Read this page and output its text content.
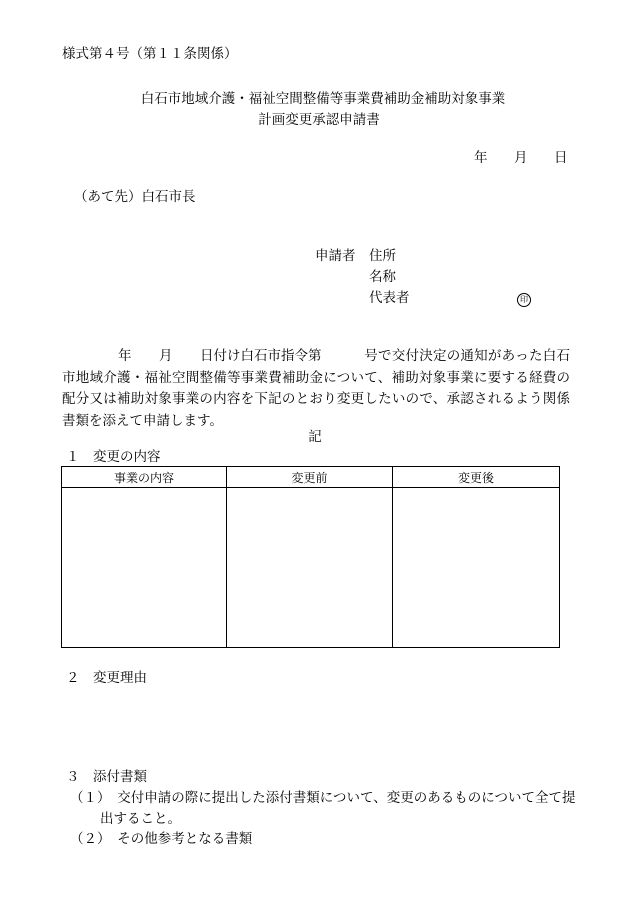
様式第４号（第１１条関係）
白石市地域介護・福祉空間整備等事業費補助金補助対象事業
計画変更承認申請書
年 月 日
（あて先）白石市長
申請者 住所
名称
代表者	印
年 月 日付け白石市指令第	号で交付決定の通知があった白石市地域介護・福祉空間整備等事業費補助金について、補助対象事業に要する経費の配分又は補助対象事業の内容を下記のとおり変更したいので、承認されるよう関係書類を添えて申請します。
記
１　変更の内容
事業の内容	変更前	変更後

２　変更理由
３　添付書類
（１）　交付申請の際に提出した添付書類について、変更のあるものについて全て提出すること。
（２）　その他参考となる書類
